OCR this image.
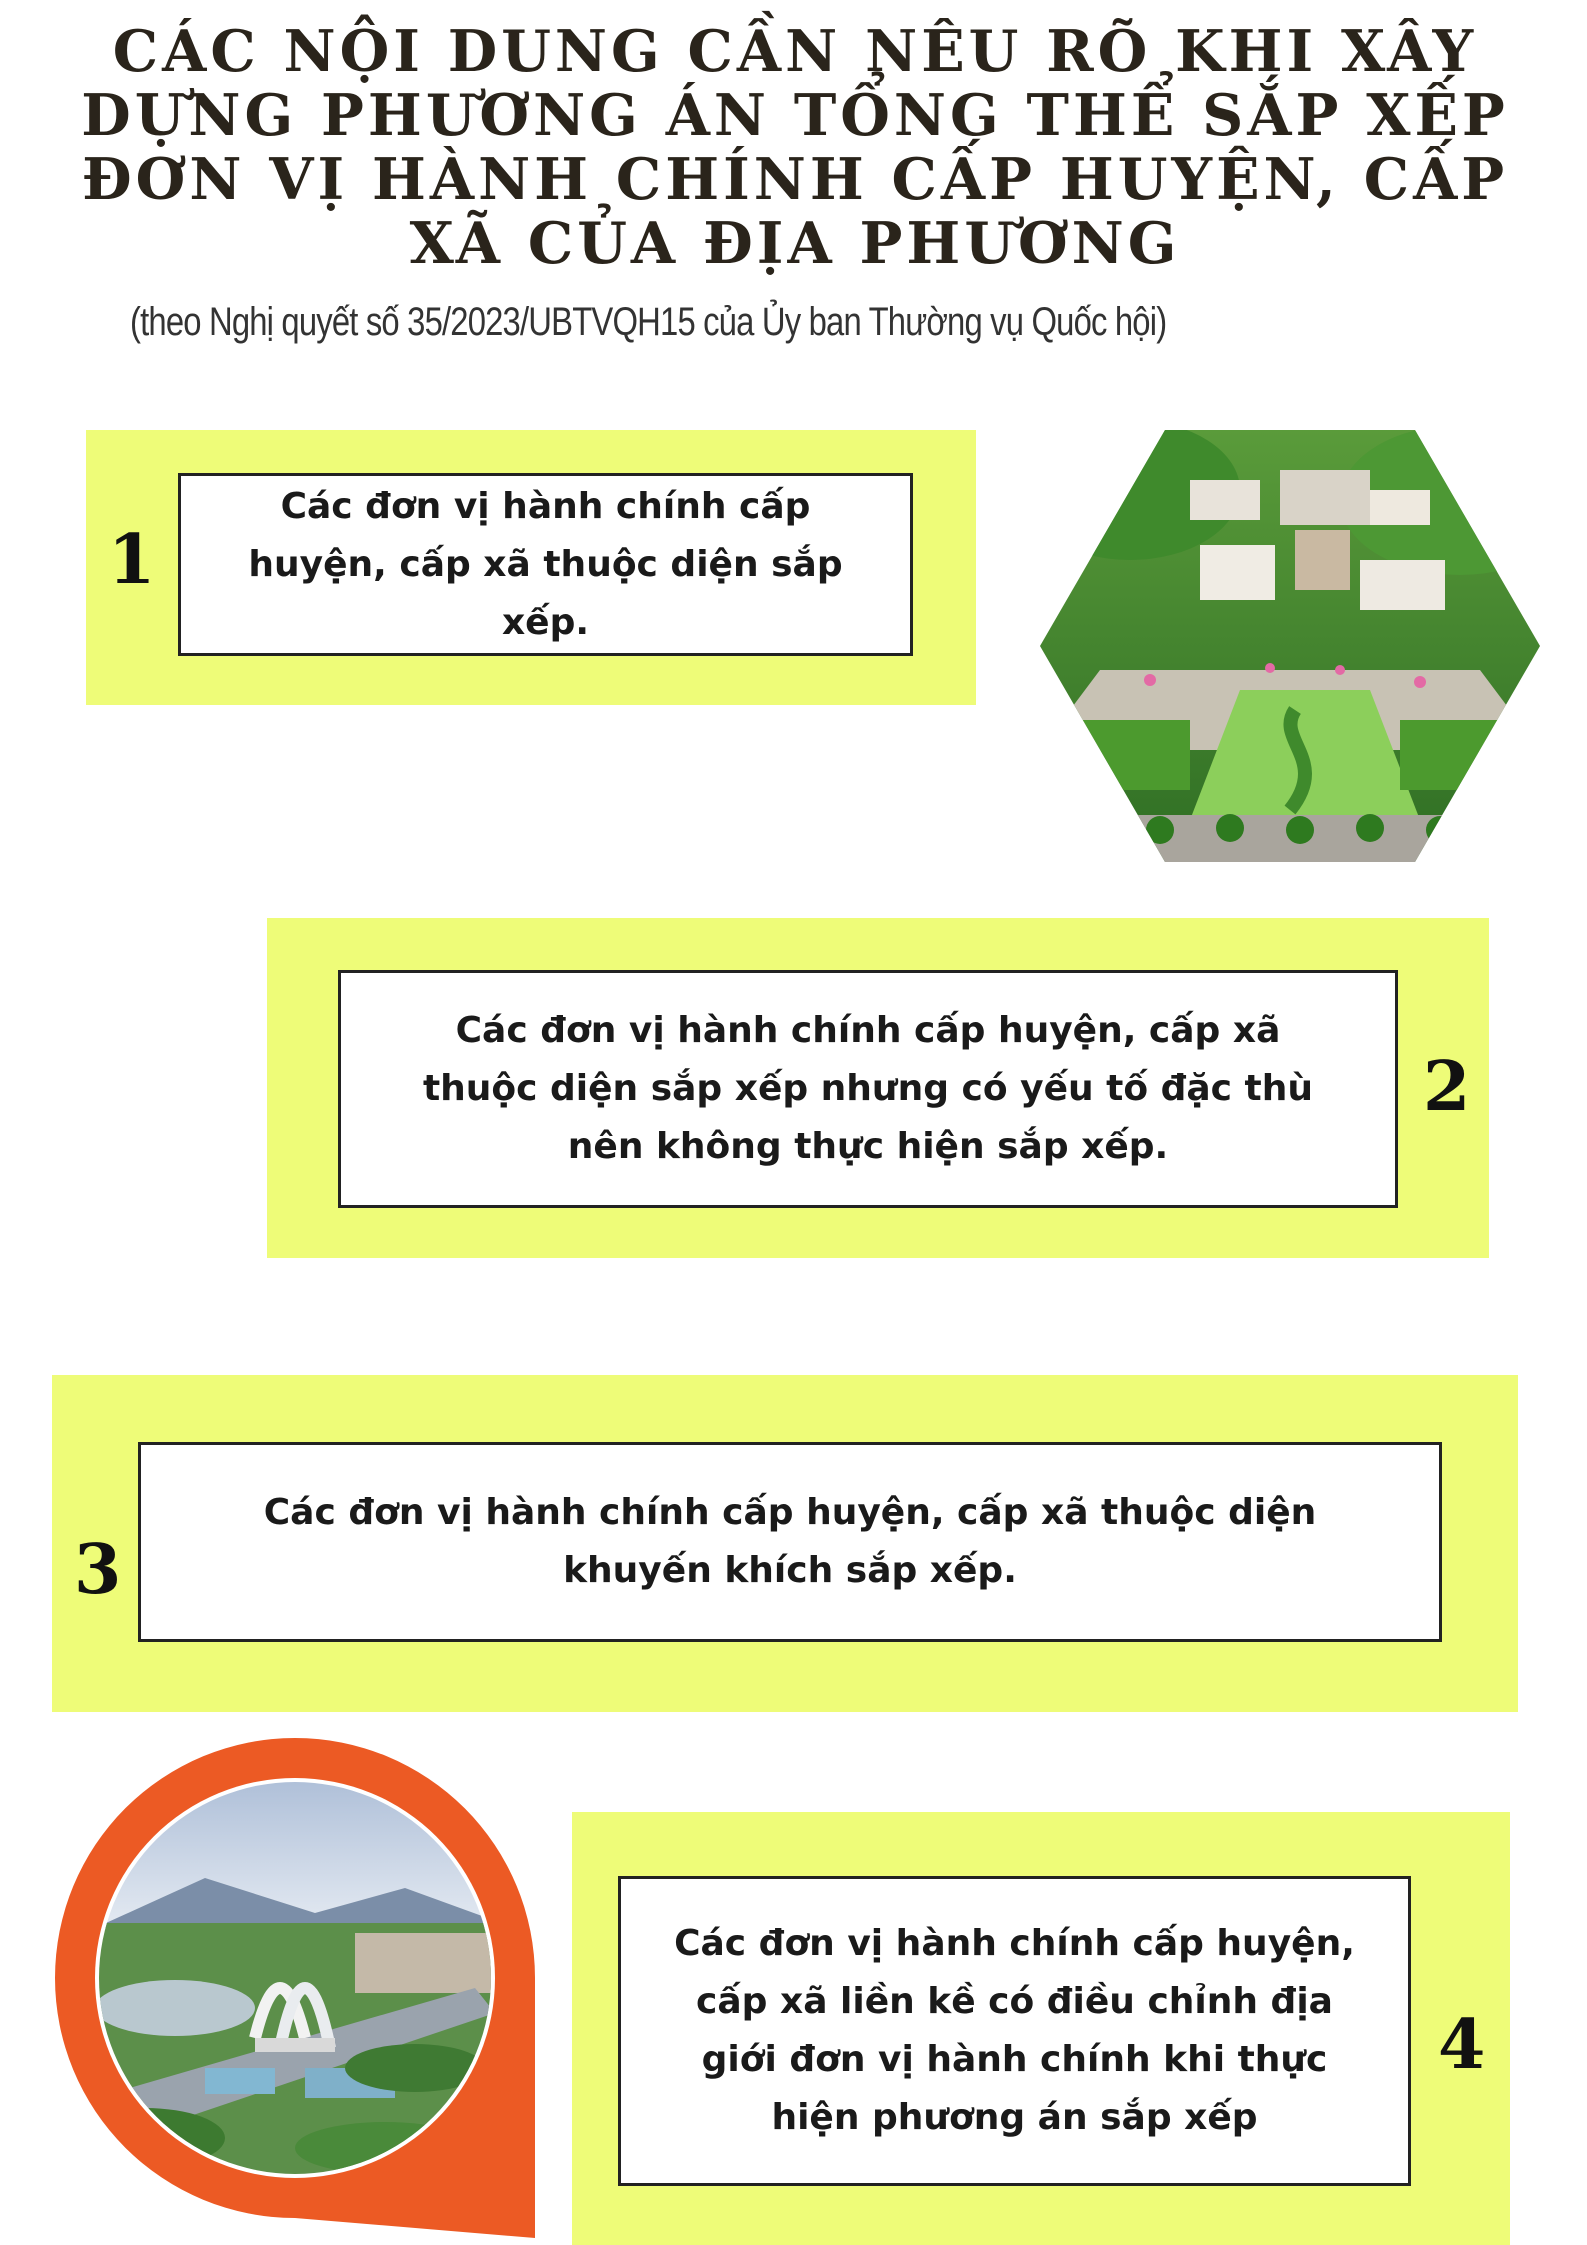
CÁC NỘI DUNG CẦN NÊU RÕ KHI XÂY DỰNG PHƯƠNG ÁN TỔNG THỂ SẮP XẾP ĐƠN VỊ HÀNH CHÍNH CẤP HUYỆN, CẤP XÃ CỦA ĐỊA PHƯƠNG
(theo Nghị quyết số 35/2023/UBTVQH15 của Ủy ban Thường vụ Quốc hội)
1
Các đơn vị hành chính cấp huyện, cấp xã thuộc diện sắp xếp.
Các đơn vị hành chính cấp huyện, cấp xã thuộc diện sắp xếp nhưng có yếu tố đặc thù nên không thực hiện sắp xếp.
2
3
Các đơn vị hành chính cấp huyện, cấp xã thuộc diện khuyến khích sắp xếp.
Các đơn vị hành chính cấp huyện, cấp xã liền kề có điều chỉnh địa giới đơn vị hành chính khi thực hiện phương án sắp xếp
4
